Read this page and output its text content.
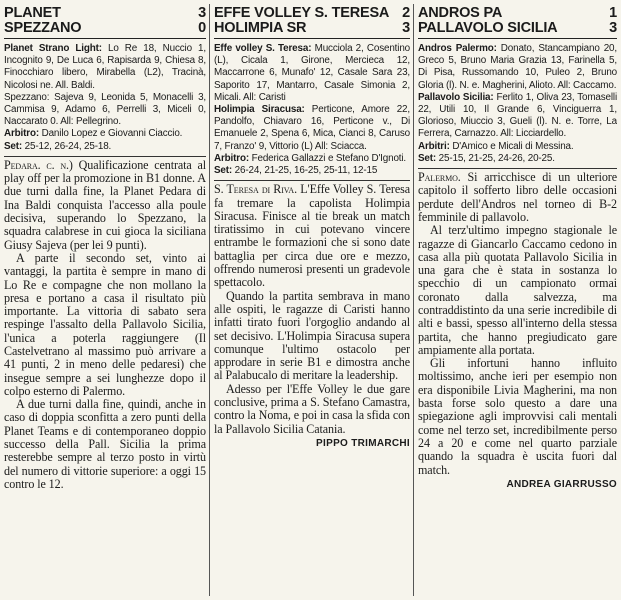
PLANET	3
SPEZZANO	0

Planet Strano Light: Lo Re 18, Nuccio 1, Incognito 9, De Luca 6, Rapisarda 9, Chiesa 8, Finocchiaro libero, Mirabella (L2), Tracinà, Nicolosi ne. All. Baldi.

Spezzano: Sajeva 9, Leonida 5, Monacelli 3, Cammisa 9, Adamo 6, Perrelli 3, Miceli 0, Naccarato 0. All: Pellegrino.

Arbitro: Danilo Lopez e Giovanni Ciaccio.

Set: 25-12, 26-24, 25-18.

Pedara. c. n.) Qualificazione centrata al play off per la promozione in B1 donne. A due turni dalla fine, la Planet Pedara di Ina Baldi conquista l'accesso alla poule decisiva, superando lo Spezzano, la squadra calabrese in cui gioca la siciliana Giusy Sajeva (per lei 9 punti).

A parte il secondo set, vinto ai vantaggi, la partita è sempre in mano di Lo Re e compagne che non mollano la presa e portano a casa il risultato più importante. La vittoria di sabato sera respinge l'assalto della Pallavolo Sicilia, l'unica a poterla raggiungere (Il Castelvetrano al massimo può arrivare a 41 punti, 2 in meno delle pedaresi) che insegue sempre a sei lunghezze dopo il colpo esterno di Palermo.

A due turni dalla fine, quindi, anche in caso di doppia sconfitta a zero punti della Planet Teams e di contemporaneo doppio successo della Pall. Sicilia la prima resterebbe sempre al terzo posto in virtù del numero di vittorie superiore: a oggi 15 contro le 12.

EFFE VOLLEY S. TERESA 2
HOLIMPIA SR	3

Effe volley S. Teresa: Mucciola 2, Cosentino (L), Cicala 1, Girone, Mercieca 12, Maccarrone 6, Munafo' 12, Casale Sara 23, Saporito 17, Mantarro, Casale Simonia 2, Micali. All: Caristi

Holimpia Siracusa: Perticone, Amore 22, Pandolfo, Chiavaro 16, Perticone v., Di Emanuele 2, Spena 6, Mica, Cianci 8, Caruso 7, Franzo' 9, Vittorio (L) All: Sciacca.

Arbitro: Federica Gallazzi e Stefano D'Ignoti.

Set: 26-24, 21-25, 16-25, 25-11, 12-15

S. Teresa di Riva. L'Effe Volley S. Teresa fa tremare la capolista Holimpia Siracusa. Finisce al tie break un match tiratissimo in cui potevano vincere entrambe le formazioni che si sono date battaglia per circa due ore e mezzo, offrendo numerosi presenti un gradevole spettacolo.

Quando la partita sembrava in mano alle ospiti, le ragazze di Caristi hanno infatti tirato fuori l'orgoglio andando al set decisivo. L'Holimpia Siracusa supera comunque l'ultimo ostacolo per approdare in serie B1 e dimostra anche al Palabucalo di meritare la leadership.

Adesso per l'Effe Volley le due gare conclusive, prima a S. Stefano Camastra, contro la Noma, e poi in casa la sfida con la Pallavolo Sicilia Catania.

PIPPO TRIMARCHI
ANDROS PA	1
PALLAVOLO SICILIA	3

Andros Palermo: Donato, Stancampiano 20, Greco 5, Bruno Maria Grazia 13, Farinella 5, Di Pisa, Russomando 10, Puleo 2, Bruno Gloria (l). N. e. Magherini, Alioto. All: Caccamo.

Pallavolo Sicilia: Ferlito 1, Oliva 23, Tomaselli 22, Utili 10, Il Grande 6, Vinciguerra 1, Glorioso, Miuccio 3, Gueli (l). N. e. Torre, La Ferrera, Carnazzo. All: Licciardello.

Arbitri: D'Amico e Micali di Messina.

Set: 25-15, 21-25, 24-26, 20-25.

Palermo. Si arricchisce di un ulteriore capitolo il sofferto libro delle occasioni perdute dell'Andros nel torneo di B-2 femminile di pallavolo.

Al terz'ultimo impegno stagionale le ragazze di Giancarlo Caccamo cedono in casa alla più quotata Pallavolo Sicilia in una gara che è stata in sostanza lo specchio di un campionato ormai coronato dalla salvezza, ma contraddistinto da una serie incredibile di alti e bassi, spesso all'interno della stessa partita, che hanno pregiudicato gare ampiamente alla portata.

Gli infortuni hanno influito moltissimo, anche ieri per esempio non era disponibile Livia Magherini, ma non basta forse solo questo a dare una spiegazione agli improvvisi cali mentali come nel terzo set, incredibilmente perso 24 a 20 e come nel quarto parziale quando la squadra è uscita fuori dal match.

ANDREA GIARRUSSO
